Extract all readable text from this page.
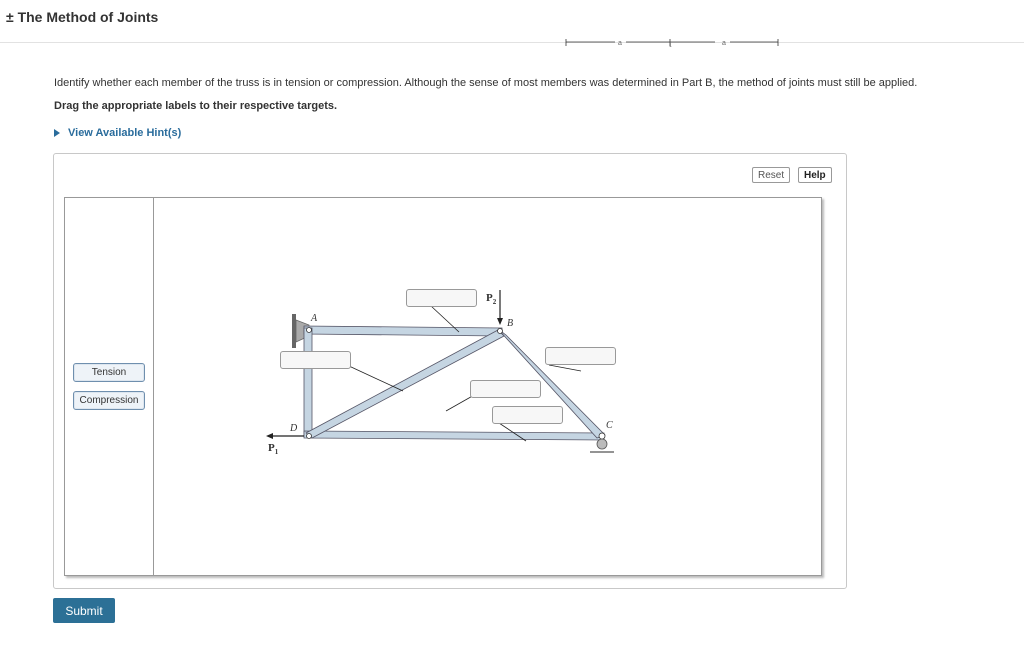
± The Method of Joints
a	1	a
Identify whether each member of the truss is in tension or compression. Although the sense of most members was determined in Part B, the method of joints must still be applied.
Drag the appropriate labels to their respective targets.
View Available Hint(s)
Reset	Help
Tension
Compression
A	B
C
D
$P_2$
$P_1$
Submit
